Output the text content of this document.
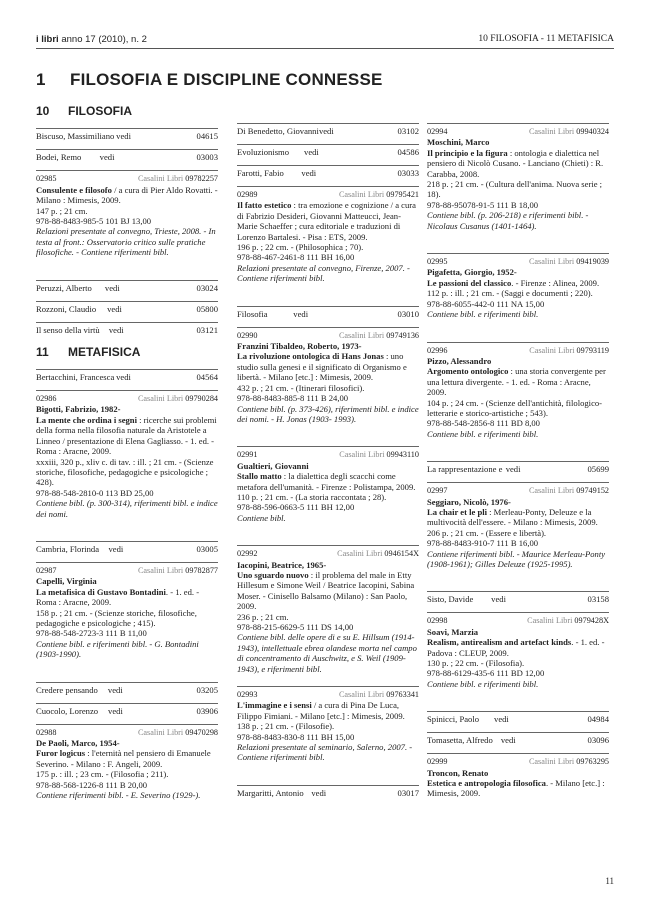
i libri anno 17 (2010), n. 2	10 FILOSOFIA - 11 METAFISICA
1 FILOSOFIA E DISCIPLINE CONNESSE
10 FILOSOFIA
Biscuso, Massimiliano vedi	04615
Bodei, Remo vedi	03003
02985	Casalini Libri 09782257
Consulente e filosofo / a cura di Pier Aldo Rovatti. - Milano : Mimesis, 2009.
147 p. ; 21 cm.
978-88-8483-985-5 101 BJ 13,00
Relazioni presentate al convegno, Trieste, 2008. - In testa al front.: Osservatorio critico sulle pratiche filosofiche. - Contiene riferimenti bibl.
Peruzzi, Alberto vedi	03024
Rozzoni, Claudio vedi	05800
Il senso della virtù vedi	03121
11 METAFISICA
Bertacchini, Francesca vedi	04564
02986	Casalini Libri 09790284
Bigotti, Fabrizio, 1982-
La mente che ordina i segni : ricerche sui problemi della forma nella filosofia naturale da Aristotele a Linneo / presentazione di Elena Gagliasso. - 1. ed. - Roma : Aracne, 2009.
xxxiii, 320 p., xliv c. di tav. : ill. ; 21 cm. - (Scienze storiche, filosofiche, pedagogiche e psicologiche ; 428).
978-88-548-2810-0 113 BD 25,00
Contiene bibl. (p. 300-314), riferimenti bibl. e indice dei nomi.
Cambria, Florinda vedi	03005
02987	Casalini Libri 09782877
Capelli, Virginia
La metafisica di Gustavo Bontadini. - 1. ed. - Roma : Aracne, 2009.
158 p. ; 21 cm. - (Scienze storiche, filosofiche, pedagogiche e psicologiche ; 415).
978-88-548-2723-3 111 B 11,00
Contiene bibl. e riferimenti bibl. - G. Bontadini (1903-1990).
Credere pensando vedi	03205
Cuocolo, Lorenzo vedi	03906
02988	Casalini Libri 09470298
De Paoli, Marco, 1954-
Furor logicus : l'eternità nel pensiero di Emanuele Severino. - Milano : F. Angeli, 2009.
175 p. : ill. ; 23 cm. - (Filosofia ; 211).
978-88-568-1226-8 111 B 20,00
Contiene riferimenti bibl. - E. Severino (1929-).
Di Benedetto, Giovanni vedi	03102
Evoluzionismo vedi	04586
Farotti, Fabio vedi	03033
02989	Casalini Libri 09795421
Il fatto estetico : tra emozione e cognizione / a cura di Fabrizio Desideri, Giovanni Matteucci, Jean-Marie Schaeffer ; cura editoriale e traduzioni di Lorenzo Bartalesi. - Pisa : ETS, 2009.
196 p. ; 22 cm. - (Philosophica ; 70).
978-88-467-2461-8 111 BH 16,00
Relazioni presentate al convegno, Firenze, 2007. - Contiene riferimenti bibl.
Filosofia	vedi	03010
02990	Casalini Libri 09749136
Franzini Tibaldeo, Roberto, 1973-
La rivoluzione ontologica di Hans Jonas : uno studio sulla genesi e il significato di Organismo e libertà. - Milano [etc.] : Mimesis, 2009.
432 p. ; 21 cm. - (Itinerari filosofici).
978-88-8483-885-8 111 B 24,00
Contiene bibl. (p. 373-426), riferimenti bibl. e indice dei nomi. - H. Jonas (1903- 1993).
02991	Casalini Libri 09943110
Gualtieri, Giovanni
Stallo matto : la dialettica degli scacchi come metafora dell'umanità. - Firenze : Polistampa, 2009.
110 p. ; 21 cm. - (La storia raccontata ; 28).
978-88-596-0663-5 111 BH 12,00
Contiene bibl.
02992	Casalini Libri 0946154X
Iacopini, Beatrice, 1965-
Uno sguardo nuovo : il problema del male in Etty Hillesum e Simone Weil / Beatrice Iacopini, Sabina Moser. - Cinisello Balsamo (Milano) : San Paolo, 2009.
236 p. ; 21 cm.
978-88-215-6629-5 111 DS 14,00
Contiene bibl. delle opere di e su E. Hillsum (1914-1943), intellettuale ebrea olandese morta nel campo di concentramento di Auschwitz, e S. Weil (1909-1943), e riferimenti bibl.
02993	Casalini Libri 09763341
L'immagine e i sensi / a cura di Pina De Luca, Filippo Fimiani. - Milano [etc.] : Mimesis, 2009.
138 p. ; 21 cm. - (Filosofie).
978-88-8483-830-8 111 BH 15,00
Relazioni presentate al seminario, Salerno, 2007. - Contiene riferimenti bibl.
Margaritti, Antonio vedi	03017
02994	Casalini Libri 09940324
Moschini, Marco
Il principio e la figura : ontologia e dialettica nel pensiero di Nicolò Cusano. - Lanciano (Chieti) : R. Carabba, 2008.
218 p. ; 21 cm. - (Cultura dell'anima. Nuova serie ; 18).
978-88-95078-91-5 111 B 18,00
Contiene bibl. (p. 206-218) e riferimenti bibl. - Nicolaus Cusanus (1401-1464).
02995	Casalini Libri 09419039
Pigafetta, Giorgio, 1952-
Le passioni del classico. - Firenze : Alinea, 2009.
112 p. : ill. ; 21 cm. - (Saggi e documenti ; 220).
978-88-6055-442-0 111 NA 15,00
Contiene bibl. e riferimenti bibl.
02996	Casalini Libri 09793119
Pizzo, Alessandro
Argomento ontologico : una storia convergente per una lettura divergente. - 1. ed. - Roma : Aracne, 2009.
104 p. ; 24 cm. - (Scienze dell'antichità, filologico-letterarie e storico-artistiche ; 543).
978-88-548-2856-8 111 BD 8,00
Contiene bibl. e riferimenti bibl.
La rappresentazione e vedi	05699
02997	Casalini Libri 09749152
Seggiaro, Nicolò, 1976-
La chair et le pli : Merleau-Ponty, Deleuze e la multivocità dell'essere. - Milano : Mimesis, 2009.
206 p. ; 21 cm. - (Essere e libertà).
978-88-8483-910-7 111 B 16,00
Contiene riferimenti bibl. - Maurice Merleau-Ponty (1908-1961); Gilles Deleuze (1925-1995).
Sisto, Davide vedi	03158
02998	Casalini Libri 0979428X
Soavi, Marzia
Realism, antirealism and artefact kinds. - 1. ed. - Padova : CLEUP, 2009.
130 p. ; 22 cm. - (Filosofia).
978-88-6129-435-6 111 BD 12,00
Contiene bibl. e riferimenti bibl.
Spinicci, Paolo vedi	04984
Tomasetta, Alfredo vedi	03096
02999	Casalini Libri 09763295
Troncon, Renato
Estetica e antropologia filosofica. - Milano [etc.] : Mimesis, 2009.
11
